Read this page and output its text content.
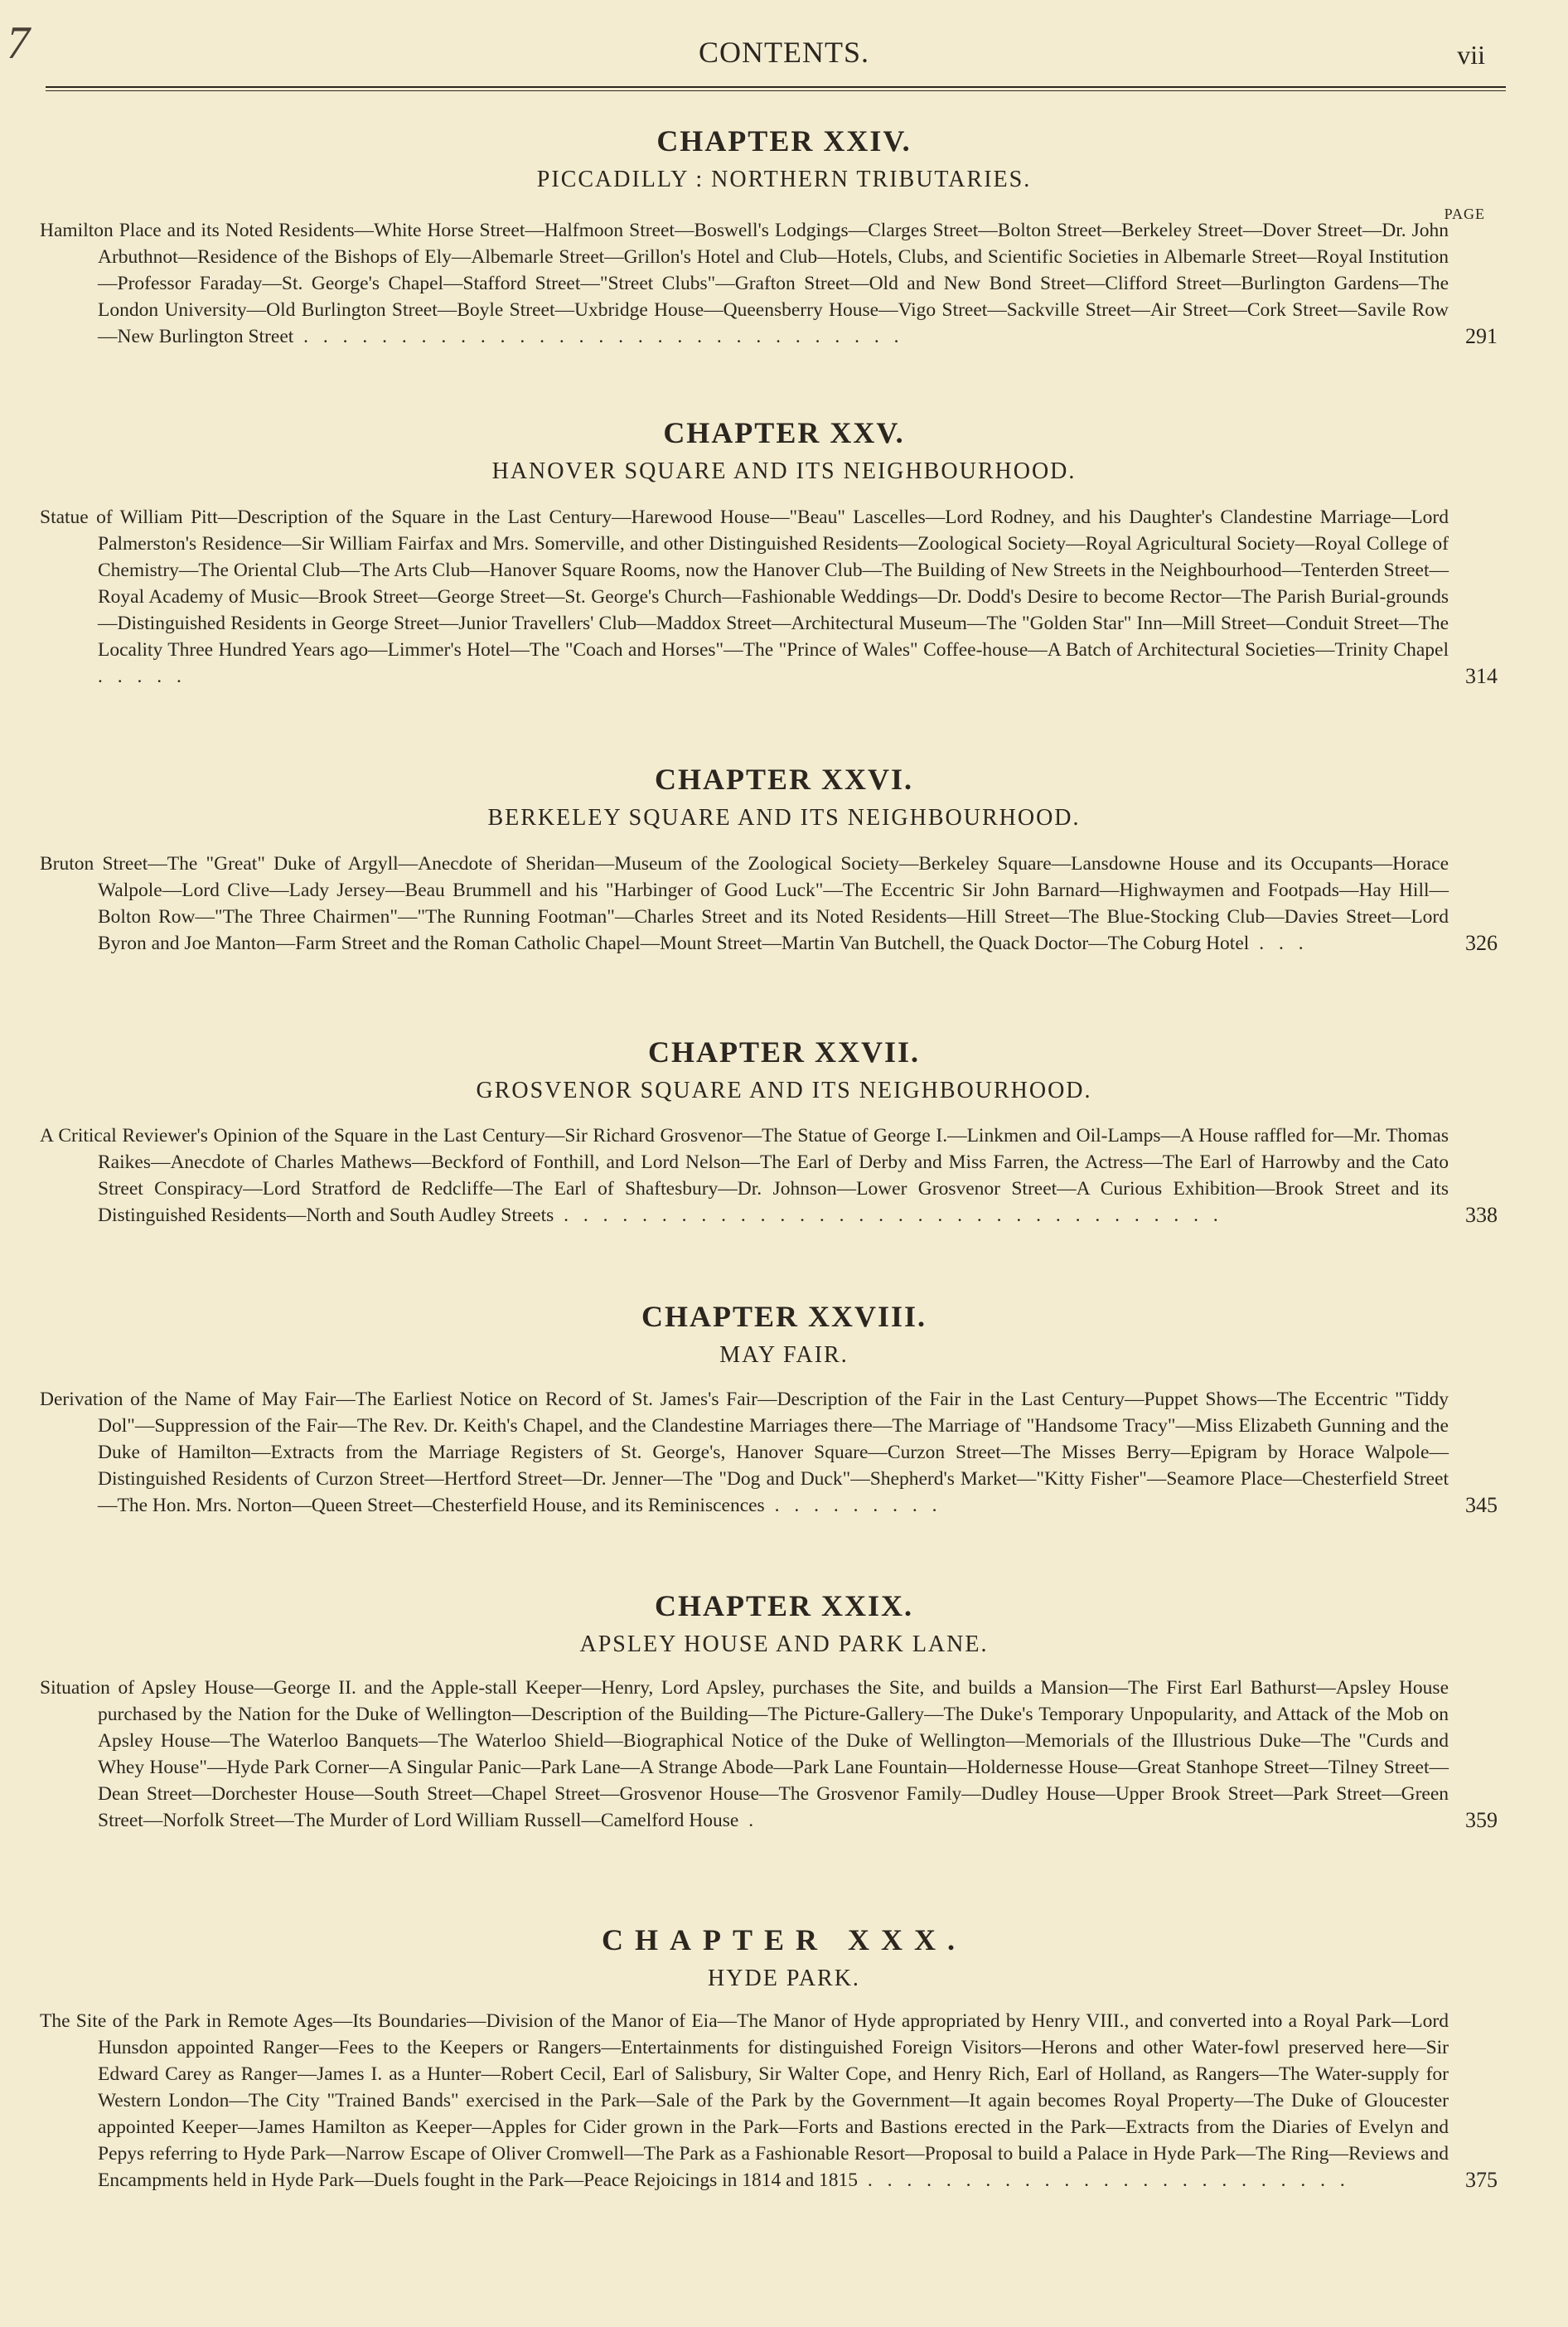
7	CONTENTS.	vii
PAGE
CHAPTER XXIV.
PICCADILLY : NORTHERN TRIBUTARIES.
Hamilton Place and its Noted Residents—White Horse Street—Halfmoon Street—Boswell's Lodgings—Clarges Street—Bolton Street—Berkeley Street—Dover Street—Dr. John Arbuthnot—Residence of the Bishops of Ely—Albemarle Street—Grillon's Hotel and Club—Hotels, Clubs, and Scientific Societies in Albemarle Street—Royal Institution—Professor Faraday—St. George's Chapel—Stafford Street—"Street Clubs"—Grafton Street—Old and New Bond Street—Clifford Street—Burlington Gardens—The London University—Old Burlington Street—Boyle Street—Uxbridge House—Queensberry House—Vigo Street—Sackville Street—Air Street—Cork Street—Savile Row—New Burlington Street . . . . . . . . . . . . . . . . . . . . . . . . . . . . . . .	291
CHAPTER XXV.
HANOVER SQUARE AND ITS NEIGHBOURHOOD.
Statue of William Pitt—Description of the Square in the Last Century—Harewood House—"Beau" Lascelles—Lord Rodney, and his Daughter's Clandestine Marriage—Lord Palmerston's Residence—Sir William Fairfax and Mrs. Somerville, and other Distinguished Residents—Zoological Society—Royal Agricultural Society—Royal College of Chemistry—The Oriental Club—The Arts Club—Hanover Square Rooms, now the Hanover Club—The Building of New Streets in the Neighbourhood—Tenterden Street—Royal Academy of Music—Brook Street—George Street—St. George's Church—Fashionable Weddings—Dr. Dodd's Desire to become Rector—The Parish Burial-grounds—Distinguished Residents in George Street—Junior Travellers' Club—Maddox Street—Architectural Museum—The "Golden Star" Inn—Mill Street—Conduit Street—The Locality Three Hundred Years ago—Limmer's Hotel—The "Coach and Horses"—The "Prince of Wales" Coffee-house—A Batch of Architectural Societies—Trinity Chapel . . . . .	314
CHAPTER XXVI.
BERKELEY SQUARE AND ITS NEIGHBOURHOOD.
Bruton Street—The "Great" Duke of Argyll—Anecdote of Sheridan—Museum of the Zoological Society—Berkeley Square—Lansdowne House and its Occupants—Horace Walpole—Lord Clive—Lady Jersey—Beau Brummell and his "Harbinger of Good Luck"—The Eccentric Sir John Barnard—Highwaymen and Footpads—Hay Hill—Bolton Row—"The Three Chairmen"—"The Running Footman"—Charles Street and its Noted Residents—Hill Street—The Blue-Stocking Club—Davies Street—Lord Byron and Joe Manton—Farm Street and the Roman Catholic Chapel—Mount Street—Martin Van Butchell, the Quack Doctor—The Coburg Hotel . . .	326
CHAPTER XXVII.
GROSVENOR SQUARE AND ITS NEIGHBOURHOOD.
A Critical Reviewer's Opinion of the Square in the Last Century—Sir Richard Grosvenor—The Statue of George I.—Linkmen and Oil-Lamps—A House raffled for—Mr. Thomas Raikes—Anecdote of Charles Mathews—Beckford of Fonthill, and Lord Nelson—The Earl of Derby and Miss Farren, the Actress—The Earl of Harrowby and the Cato Street Conspiracy—Lord Stratford de Redcliffe—The Earl of Shaftesbury—Dr. Johnson—Lower Grosvenor Street—A Curious Exhibition—Brook Street and its Distinguished Residents—North and South Audley Streets . . . . . . . . . . . . . . . . . . . . . . . . . . . . . . . . . .	338
CHAPTER XXVIII.
MAY FAIR.
Derivation of the Name of May Fair—The Earliest Notice on Record of St. James's Fair—Description of the Fair in the Last Century—Puppet Shows—The Eccentric "Tiddy Dol"—Suppression of the Fair—The Rev. Dr. Keith's Chapel, and the Clandestine Marriages there—The Marriage of "Handsome Tracy"—Miss Elizabeth Gunning and the Duke of Hamilton—Extracts from the Marriage Registers of St. George's, Hanover Square—Curzon Street—The Misses Berry—Epigram by Horace Walpole—Distinguished Residents of Curzon Street—Hertford Street—Dr. Jenner—The "Dog and Duck"—Shepherd's Market—"Kitty Fisher"—Seamore Place—Chesterfield Street—The Hon. Mrs. Norton—Queen Street—Chesterfield House, and its Reminiscences . . . . . . . . .	345
CHAPTER XXIX.
APSLEY HOUSE AND PARK LANE.
Situation of Apsley House—George II. and the Apple-stall Keeper—Henry, Lord Apsley, purchases the Site, and builds a Mansion—The First Earl Bathurst—Apsley House purchased by the Nation for the Duke of Wellington—Description of the Building—The Picture-Gallery—The Duke's Temporary Unpopularity, and Attack of the Mob on Apsley House—The Waterloo Banquets—The Waterloo Shield—Biographical Notice of the Duke of Wellington—Memorials of the Illustrious Duke—The "Curds and Whey House"—Hyde Park Corner—A Singular Panic—Park Lane—A Strange Abode—Park Lane Fountain—Holdernesse House—Great Stanhope Street—Tilney Street—Dean Street—Dorchester House—South Street—Chapel Street—Grosvenor House—The Grosvenor Family—Dudley House—Upper Brook Street—Park Street—Green Street—Norfolk Street—The Murder of Lord William Russell—Camelford House .	359
CHAPTER XXX.
HYDE PARK.
The Site of the Park in Remote Ages—Its Boundaries—Division of the Manor of Eia—The Manor of Hyde appropriated by Henry VIII., and converted into a Royal Park—Lord Hunsdon appointed Ranger—Fees to the Keepers or Rangers—Entertainments for distinguished Foreign Visitors—Herons and other Water-fowl preserved here—Sir Edward Carey as Ranger—James I. as a Hunter—Robert Cecil, Earl of Salisbury, Sir Walter Cope, and Henry Rich, Earl of Holland, as Rangers—The Water-supply for Western London—The City "Trained Bands" exercised in the Park—Sale of the Park by the Government—It again becomes Royal Property—The Duke of Gloucester appointed Keeper—James Hamilton as Keeper—Apples for Cider grown in the Park—Forts and Bastions erected in the Park—Extracts from the Diaries of Evelyn and Pepys referring to Hyde Park—Narrow Escape of Oliver Cromwell—The Park as a Fashionable Resort—Proposal to build a Palace in Hyde Park—The Ring—Reviews and Encampments held in Hyde Park—Duels fought in the Park—Peace Rejoicings in 1814 and 1815 . . . . . . . . . . . . . . . . . . . . . . . . .	375
